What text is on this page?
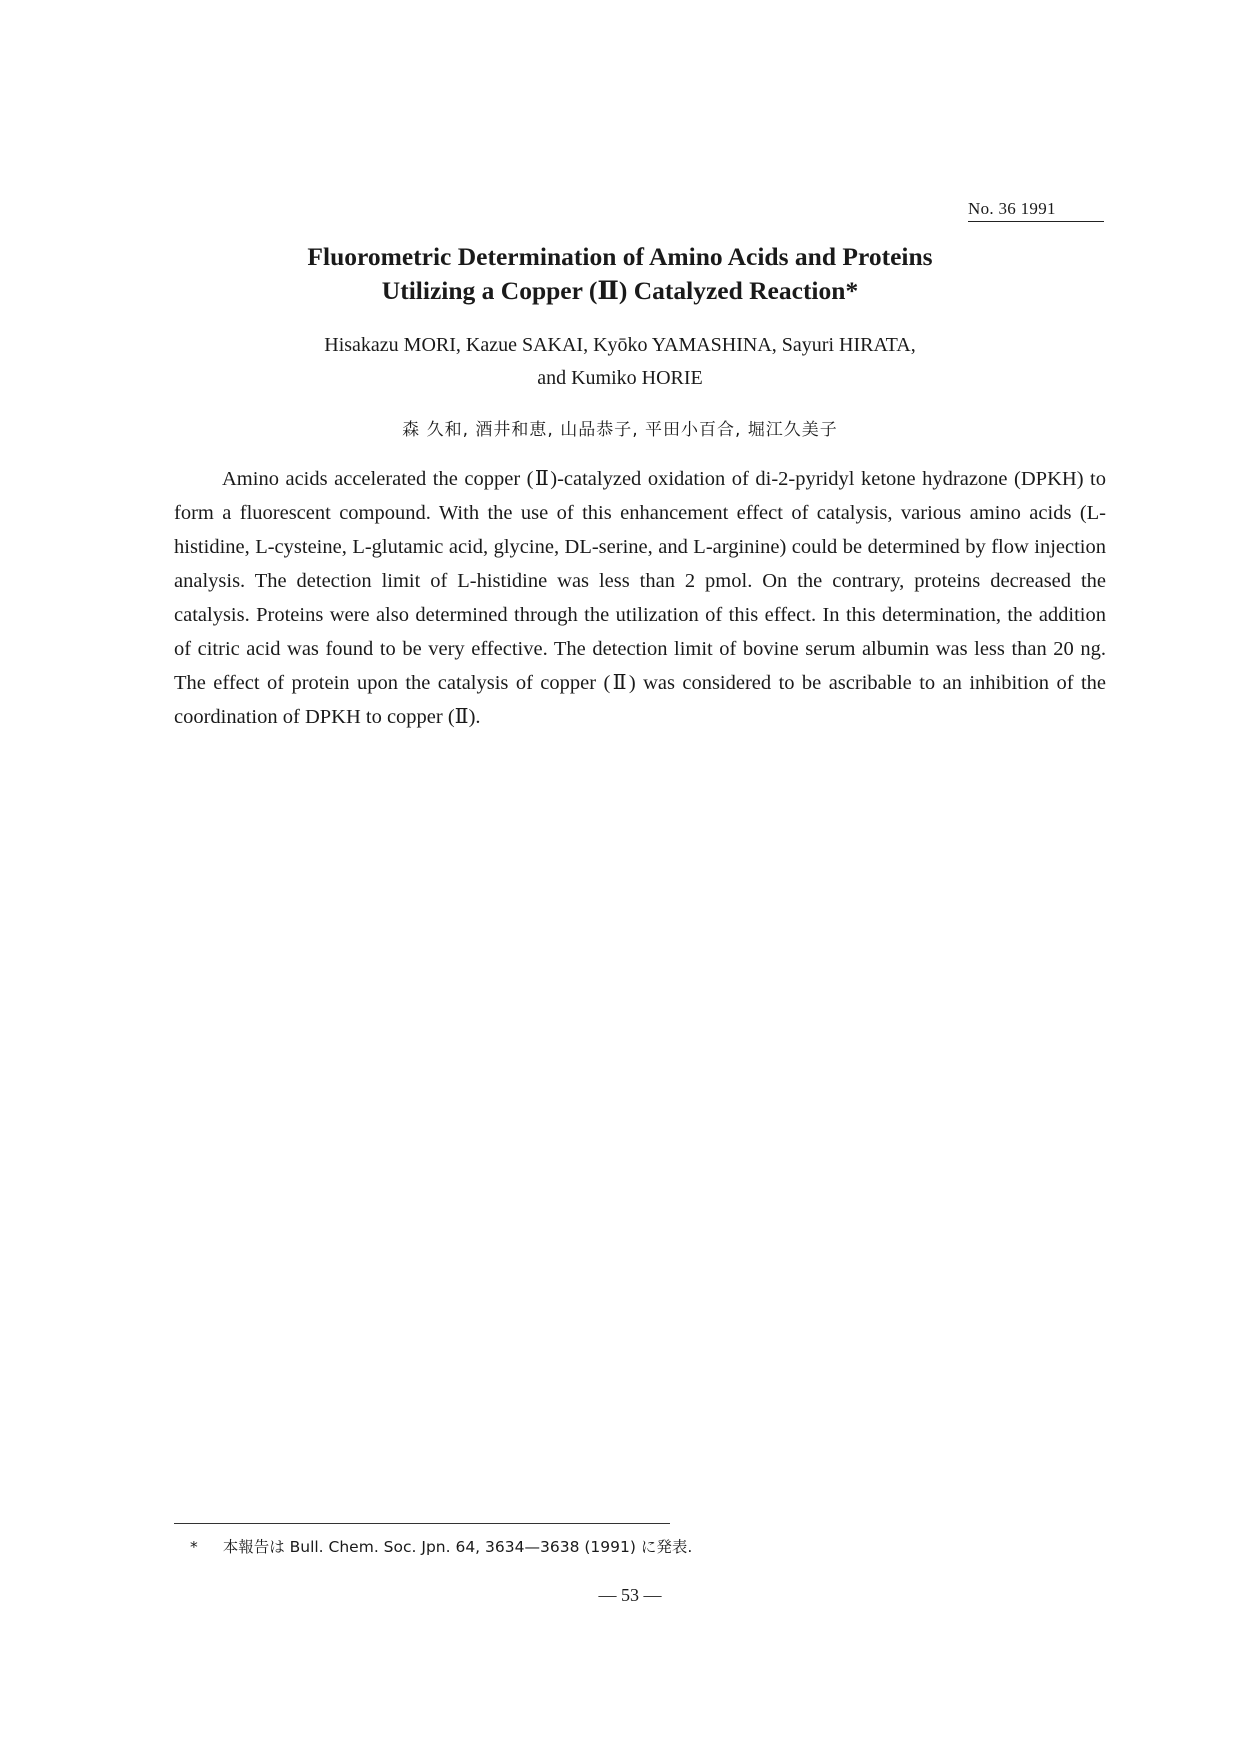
No. 36 1991
Fluorometric Determination of Amino Acids and Proteins
Utilizing a Copper (Ⅱ) Catalyzed Reaction*
Hisakazu MORI, Kazue SAKAI, Kyōko YAMASHINA, Sayuri HIRATA,
and Kumiko HORIE
森 久和, 酒井和恵, 山品恭子, 平田小百合, 堀江久美子

Amino acids accelerated the copper (Ⅱ)-catalyzed oxidation of di-2-pyridyl ketone hydrazone (DPKH) to form a fluorescent compound. With the use of this enhancement effect of catalysis, various amino acids (L-histidine, L-cysteine, L-glutamic acid, glycine, DL-serine, and L-arginine) could be determined by flow injection analysis. The detection limit of L-histidine was less than 2 pmol. On the contrary, proteins decreased the catalysis. Proteins were also determined through the utilization of this effect. In this determination, the addition of citric acid was found to be very effective. The detection limit of bovine serum albumin was less than 20 ng. The effect of protein upon the catalysis of copper (Ⅱ) was considered to be ascribable to an inhibition of the coordination of DPKH to copper (Ⅱ).

* 本報告は Bull. Chem. Soc. Jpn. 64, 3634—3638 (1991) に発表.
— 53 —
